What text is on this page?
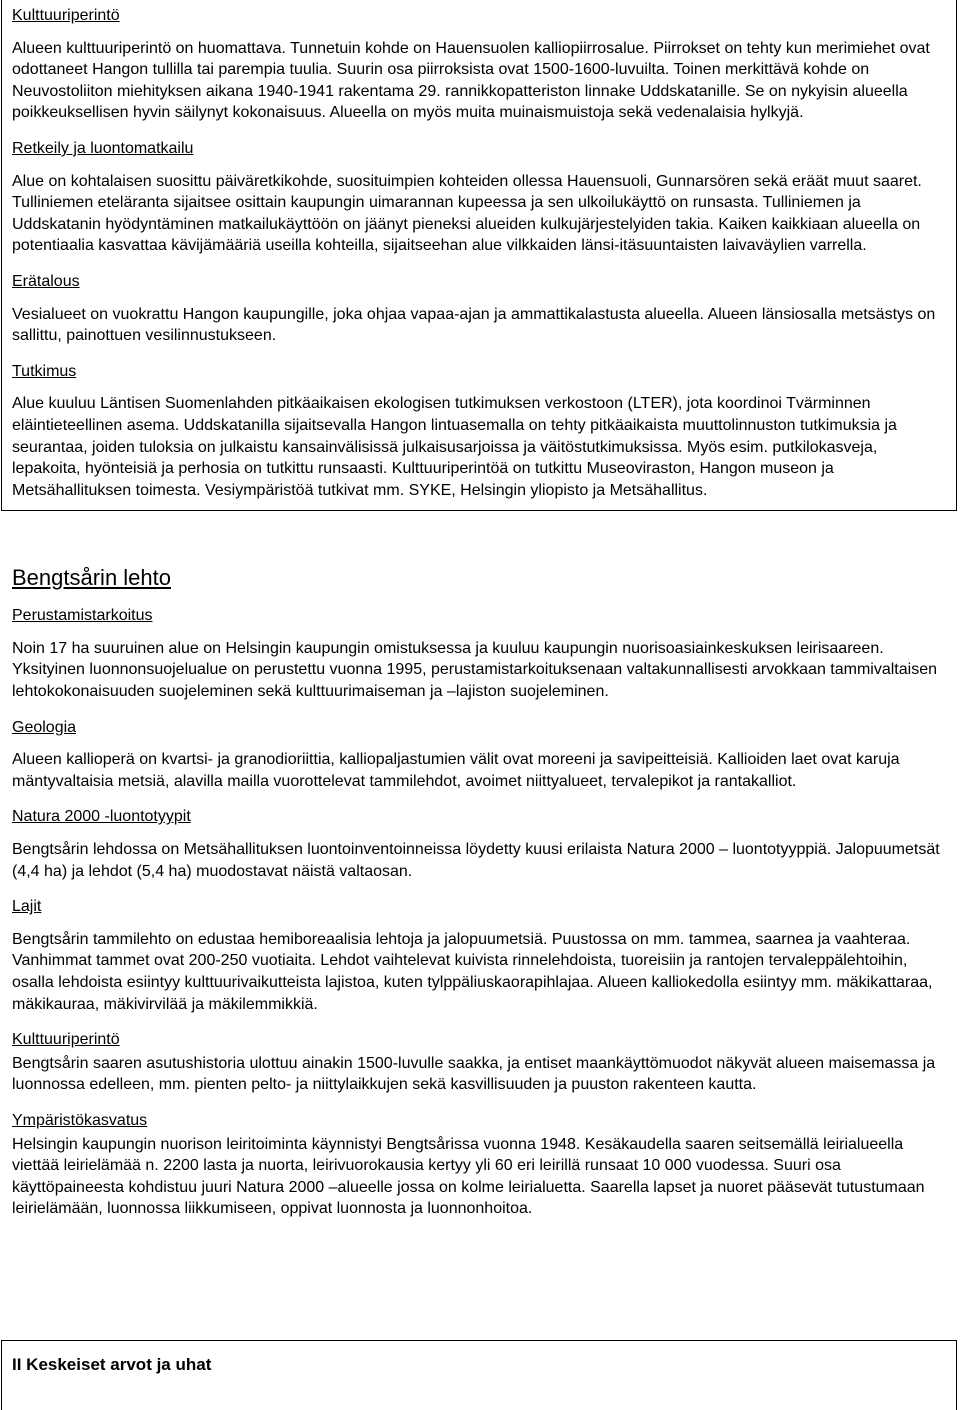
Kulttuuriperintö

Alueen kulttuuriperintö on huomattava. Tunnetuin kohde on Hauensuolen kalliopiirrosalue. Piirrokset on tehty kun merimiehet ovat odottaneet Hangon tullilla tai parempia tuulia. Suurin osa piirroksista ovat 1500-1600-luvuilta. Toinen merkittävä kohde on Neuvostoliiton miehityksen aikana 1940-1941 rakentama 29. rannikkopatteriston linnake Uddskatanille. Se on nykyisin alueella poikkeuksellisen hyvin säilynyt kokonaisuus. Alueella on myös muita muinaismuistoja sekä vedenalaisia hylkyjä.

Retkeily ja luontomatkailu

Alue on kohtalaisen suosittu päiväretkikohde, suosituimpien kohteiden ollessa Hauensuoli, Gunnarsören sekä eräät muut saaret. Tulliniemen eteläranta sijaitsee osittain kaupungin uimarannan kupeessa ja sen ulkoilukäyttö on runsasta. Tulliniemen ja Uddskatanin hyödyntäminen matkailukäyttöön on jäänyt pieneksi alueiden kulkujärjestelyiden takia. Kaiken kaikkiaan alueella on potentiaalia kasvattaa kävijämääriä useilla kohteilla, sijaitseehan alue vilkkaiden länsi-itäsuuntaisten laivaväylien varrella.

Erätalous

Vesialueet on vuokrattu Hangon kaupungille, joka ohjaa vapaa-ajan ja ammattikalastusta alueella. Alueen länsiosalla metsästys on sallittu, painottuen vesilinnustukseen.

Tutkimus

Alue kuuluu Läntisen Suomenlahden pitkäaikaisen ekologisen tutkimuksen verkostoon (LTER), jota koordinoi Tvärminnen eläintieteellinen asema. Uddskatanilla sijaitsevalla Hangon lintuasemalla on tehty pitkäaikaista muuttolinnuston tutkimuksia ja seurantaa, joiden tuloksia on julkaistu kansainvälisissä julkaisusarjoissa ja väitöstutkimuksissa. Myös esim. putkilokasveja, lepakoita, hyönteisiä ja perhosia on tutkittu runsaasti. Kulttuuriperintöä on tutkittu Museoviraston, Hangon museon ja Metsähallituksen toimesta. Vesiympäristöä tutkivat mm. SYKE, Helsingin yliopisto ja Metsähallitus.

Bengtsårin lehto
Perustamistarkoitus

Noin 17 ha suuruinen alue on Helsingin kaupungin omistuksessa ja kuuluu kaupungin nuorisoasiainkeskuksen leirisaareen. Yksityinen luonnonsuojelualue on perustettu vuonna 1995, perustamistarkoituksenaan valtakunnallisesti arvokkaan tammivaltaisen lehtokokonaisuuden suojeleminen sekä kulttuurimaiseman ja –lajiston suojeleminen.

Geologia

Alueen kallioperä on kvartsi- ja granodioriittia, kalliopaljastumien välit ovat moreeni ja savipeitteisiä. Kallioiden laet ovat karuja mäntyvaltaisia metsiä, alavilla mailla vuorottelevat tammilehdot, avoimet niittyalueet, tervalepikot ja rantakalliot.

Natura 2000 -luontotyypit

Bengtsårin lehdossa on Metsähallituksen luontoinventoinneissa löydetty kuusi erilaista Natura 2000 – luontotyyppiä. Jalopuumetsät (4,4 ha) ja lehdot (5,4 ha) muodostavat näistä valtaosan.

Lajit

Bengtsårin tammilehto on edustaa hemiboreaalisia lehtoja ja jalopuumetsiä. Puustossa on mm. tammea, saarnea ja vaahteraa. Vanhimmat tammet ovat 200-250 vuotiaita. Lehdot vaihtelevat kuivista rinnelehdoista, tuoreisiin ja rantojen tervaleppälehtoihin, osalla lehdoista esiintyy kulttuurivaikutteista lajistoa, kuten tylppäliuskaorapihlajaa. Alueen kalliokedolla esiintyy mm. mäkikattaraa, mäkikauraa, mäkivirvilää ja mäkilemmikkiä.

Kulttuuriperintö

Bengtsårin saaren asutushistoria ulottuu ainakin 1500-luvulle saakka, ja entiset maankäyttömuodot näkyvät alueen maisemassa ja luonnossa edelleen, mm. pienten pelto- ja niittylaikkujen sekä kasvillisuuden ja puuston rakenteen kautta.

Ympäristökasvatus

Helsingin kaupungin nuorison leiritoiminta käynnistyi Bengtsårissa vuonna 1948. Kesäkaudella saaren seitsemällä leirialueella viettää leirielämää n. 2200 lasta ja nuorta, leirivuorokausia kertyy yli 60 eri leirillä runsaat 10 000 vuodessa. Suuri osa käyttöpaineesta kohdistuu juuri Natura 2000 –alueelle jossa on kolme leirialuetta. Saarella lapset ja nuoret pääsevät tutustumaan leirielämään, luonnossa liikkumiseen, oppivat luonnosta ja luonnonhoitoa.

II Keskeiset arvot ja uhat
